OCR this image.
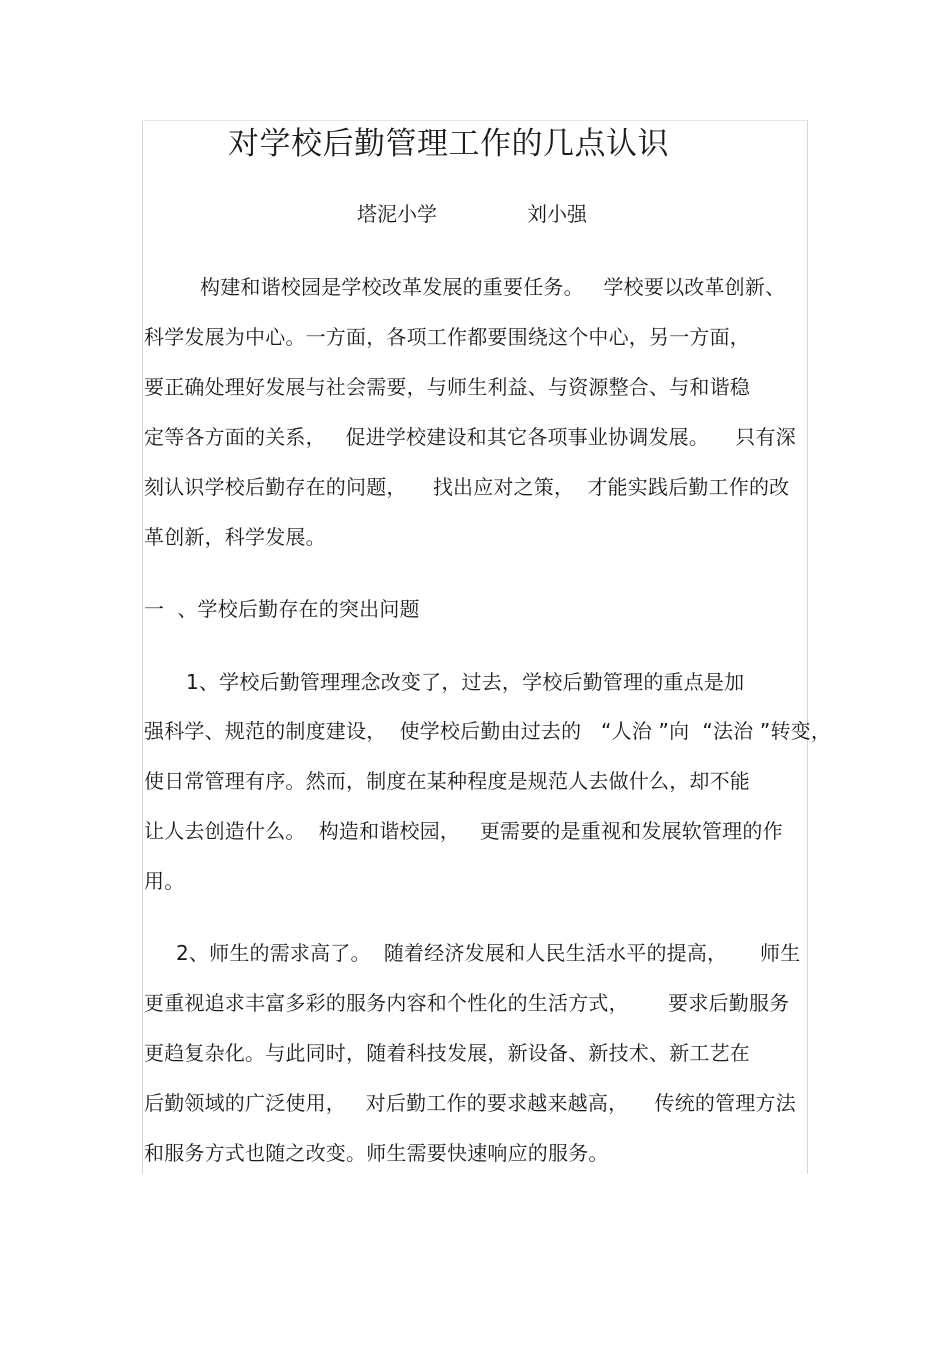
对学校后勤管理工作的几点认识
塔泥小学	刘小强
构建和谐校园是学校改革发展的重要任务。   学校要以改革创新、
科学发展为中心。一方面，各项工作都要围绕这个中心，另一方面，
要正确处理好发展与社会需要，与师生利益、与资源整合、与和谐稳
定等各方面的关系，   促进学校建设和其它各项事业协调发展。    只有深
刻认识学校后勤存在的问题，    找出应对之策，  才能实践后勤工作的改
革创新，科学发展。
一  、学校后勤存在的突出问题
1、学校后勤管理理念改变了，过去，学校后勤管理的重点是加
强科学、规范的制度建设，  使学校后勤由过去的   “人治 ”向  “法治 ”转变，
使日常管理有序。然而，制度在某种程度是规范人去做什么，却不能
让人去创造什么。  构造和谐校园，   更需要的是重视和发展软管理的作
用。
2、师生的需求高了。  随着经济发展和人民生活水平的提高，     师生
更重视追求丰富多彩的服务内容和个性化的生活方式，      要求后勤服务
更趋复杂化。与此同时，随着科技发展，新设备、新技术、新工艺在
后勤领域的广泛使用，   对后勤工作的要求越来越高，    传统的管理方法
和服务方式也随之改变。师生需要快速响应的服务。
